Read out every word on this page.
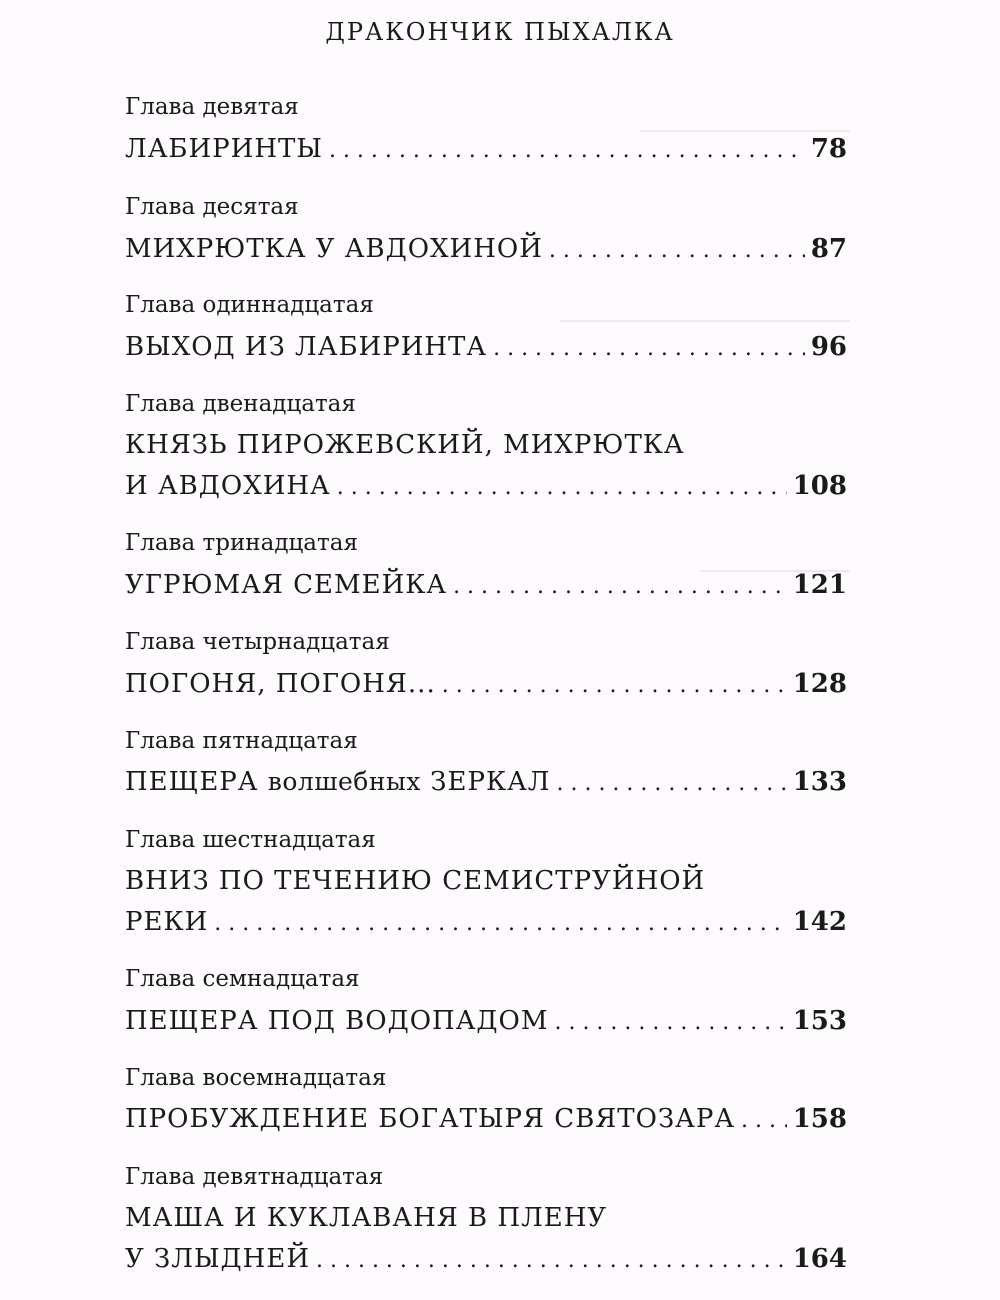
ДРАКОНЧИК ПЫХАЛКА
Глава девятая
ЛАБИРИНТЫ . . .	78
Глава десятая
МИХРЮТКА У АВДОХИНОЙ . . .	87
Глава одиннадцатая
ВЫХОД ИЗ ЛАБИРИНТА . . .	96
Глава двенадцатая
КНЯЗЬ ПИРОЖЕВСКИЙ, МИХРЮТКА
И АВДОХИНА . . .	108
Глава тринадцатая
УГРЮМАЯ СЕМЕЙКА . . .	121
Глава четырнадцатая
ПОГОНЯ, ПОГОНЯ... . . .	128
Глава пятнадцатая
ПЕЩЕРА волшебных ЗЕРКАЛ . . .	133
Глава шестнадцатая
ВНИЗ ПО ТЕЧЕНИЮ СЕМИСТРУЙНОЙ
РЕКИ . . .	142
Глава семнадцатая
ПЕЩЕРА ПОД ВОДОПАДОМ . . .	153
Глава восемнадцатая
ПРОБУЖДЕНИЕ БОГАТЫРЯ СВЯТОЗАРА . . . 158
Глава девятнадцатая
МАША И КУКЛАВАНЯ В ПЛЕНУ
У ЗЛЫДНЕЙ . . .	164
